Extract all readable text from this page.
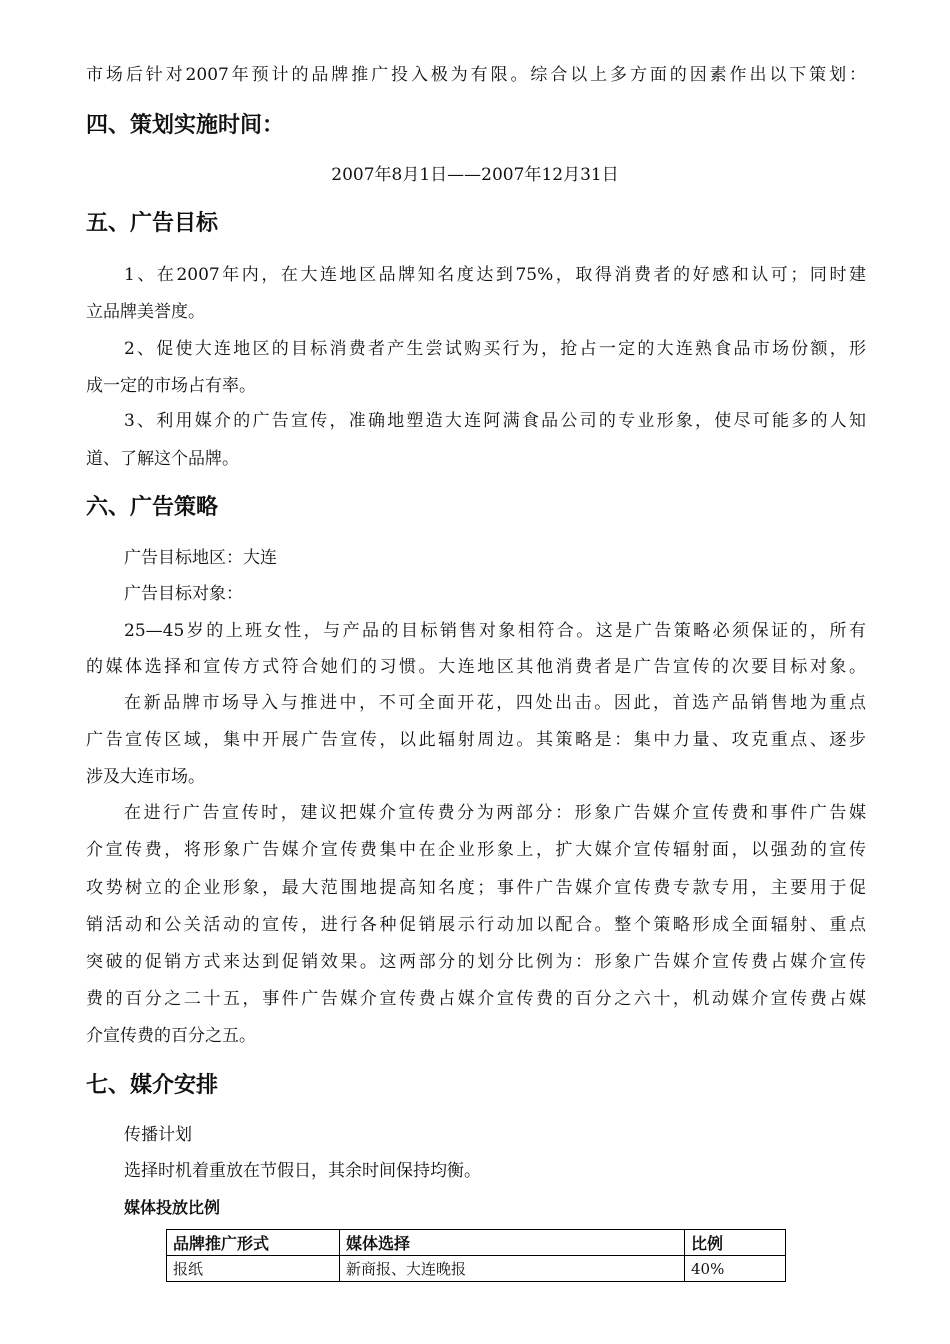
市场后针对2007年预计的品牌推广投入极为有限。综合以上多方面的因素作出以下策划：
四、策划实施时间：
2007年8月1日——2007年12月31日
五、广告目标
1、在2007年内，在大连地区品牌知名度达到75%，取得消费者的好感和认可；同时建
立品牌美誉度。
2、促使大连地区的目标消费者产生尝试购买行为，抢占一定的大连熟食品市场份额，形
成一定的市场占有率。
3、利用媒介的广告宣传，准确地塑造大连阿满食品公司的专业形象，使尽可能多的人知
道、了解这个品牌。
六、广告策略
广告目标地区：大连
广告目标对象：
25—45岁的上班女性，与产品的目标销售对象相符合。这是广告策略必须保证的，所有
的媒体选择和宣传方式符合她们的习惯。大连地区其他消费者是广告宣传的次要目标对象。
在新品牌市场导入与推进中，不可全面开花，四处出击。因此，首选产品销售地为重点
广告宣传区域，集中开展广告宣传，以此辐射周边。其策略是：集中力量、攻克重点、逐步
涉及大连市场。
在进行广告宣传时，建议把媒介宣传费分为两部分：形象广告媒介宣传费和事件广告媒
介宣传费，将形象广告媒介宣传费集中在企业形象上，扩大媒介宣传辐射面，以强劲的宣传
攻势树立的企业形象，最大范围地提高知名度；事件广告媒介宣传费专款专用，主要用于促
销活动和公关活动的宣传，进行各种促销展示行动加以配合。整个策略形成全面辐射、重点
突破的促销方式来达到促销效果。这两部分的划分比例为：形象广告媒介宣传费占媒介宣传
费的百分之二十五，事件广告媒介宣传费占媒介宣传费的百分之六十，机动媒介宣传费占媒
介宣传费的百分之五。
七、媒介安排
传播计划
选择时机着重放在节假日，其余时间保持均衡。
媒体投放比例
品牌推广形式	媒体选择	比例
报纸	新商报、大连晚报	40%
